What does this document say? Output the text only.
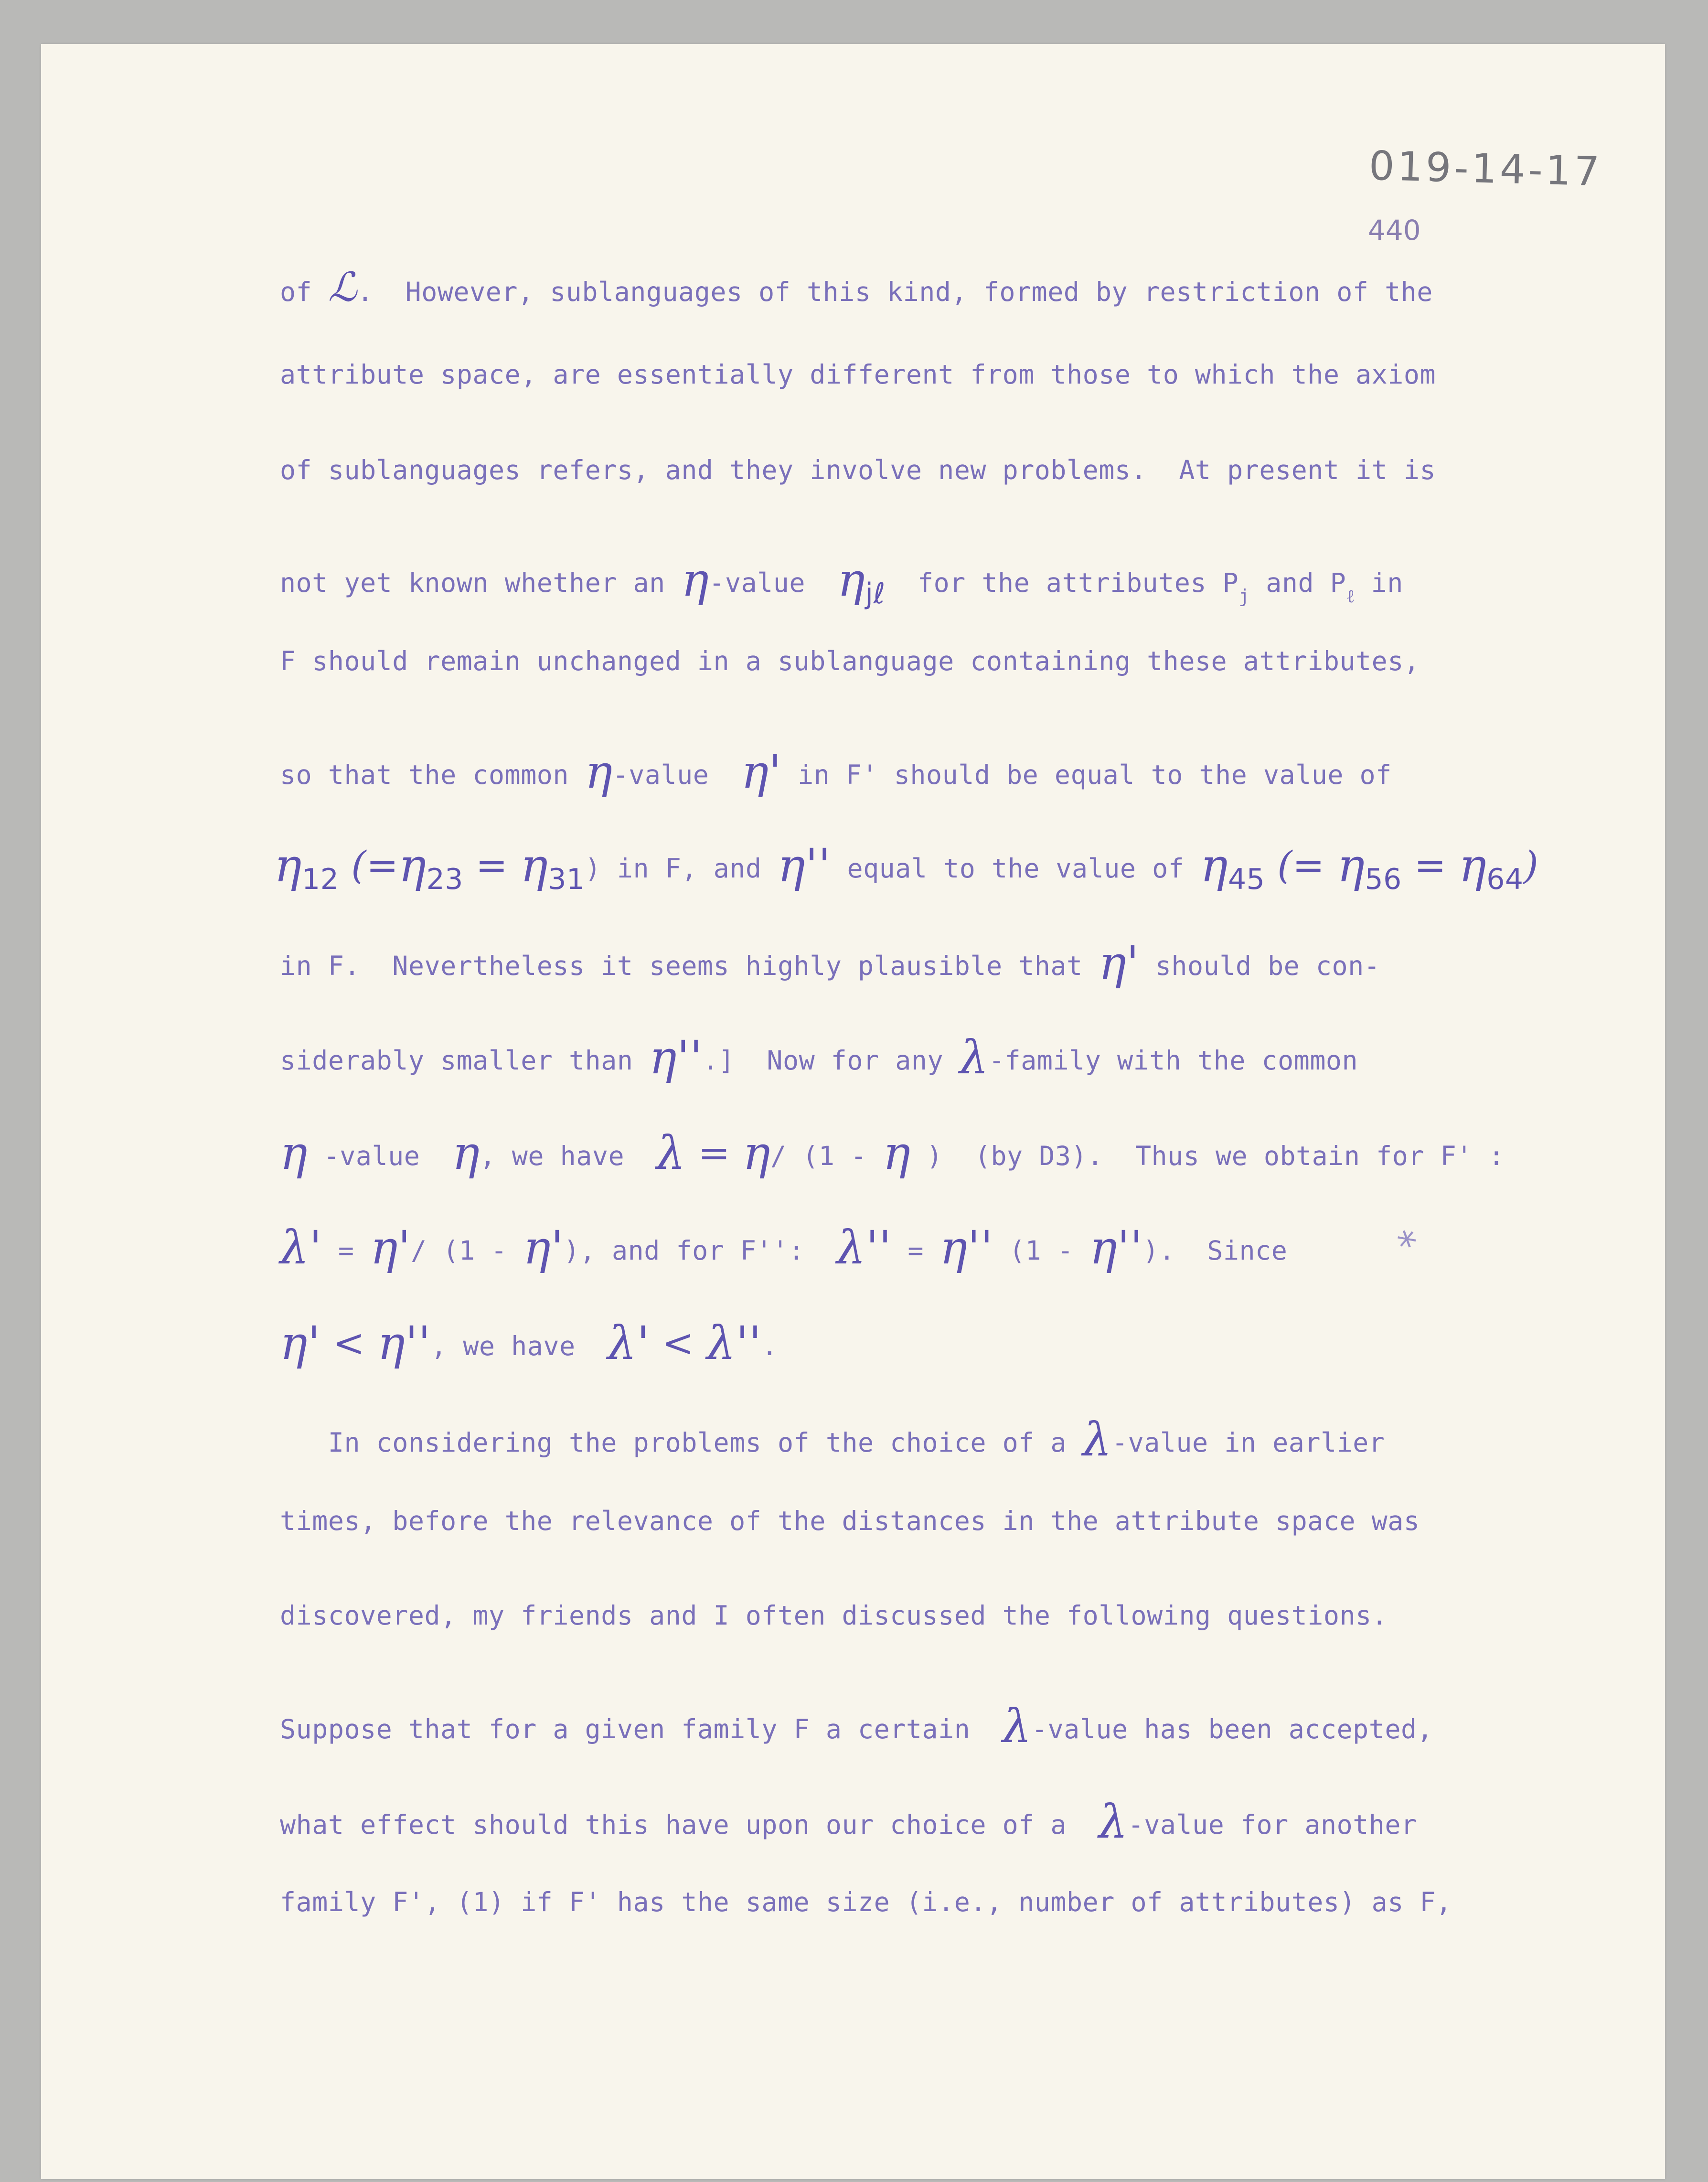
019-14-17
440
of ℒ.  However, sublanguages of this kind, formed by restriction of the
attribute space, are essentially different from those to which the axiom
of sublanguages refers, and they involve new problems.  At present it is
not yet known whether an η-value  ηjℓ  for the attributes $P_j$ and $P_\ell$ in
F should remain unchanged in a sublanguage containing these attributes,
so that the common η-value  η' in F' should be equal to the value of
η12 (=η23 = η31) in F, and η'' equal to the value of η45 (= η56 = η64)
in F.  Nevertheless it seems highly plausible that η' should be con-
siderably smaller than η''.]  Now for any λ-family with the common
η -value  η, we have  λ = η/ (1 - η )  (by D3).  Thus we obtain for F' :
λ' = η'/ (1 - η'), and for F'':  λ'' = η'' (1 - η'').  Since
η' < η'', we have  λ' < λ''.
In considering the problems of the choice of a λ-value in earlier
times, before the relevance of the distances in the attribute space was
discovered, my friends and I often discussed the following questions.
Suppose that for a given family F a certain  λ-value has been accepted,
what effect should this have upon our choice of a  λ-value for another
family F', (1) if F' has the same size (i.e., number of attributes) as F,
*
